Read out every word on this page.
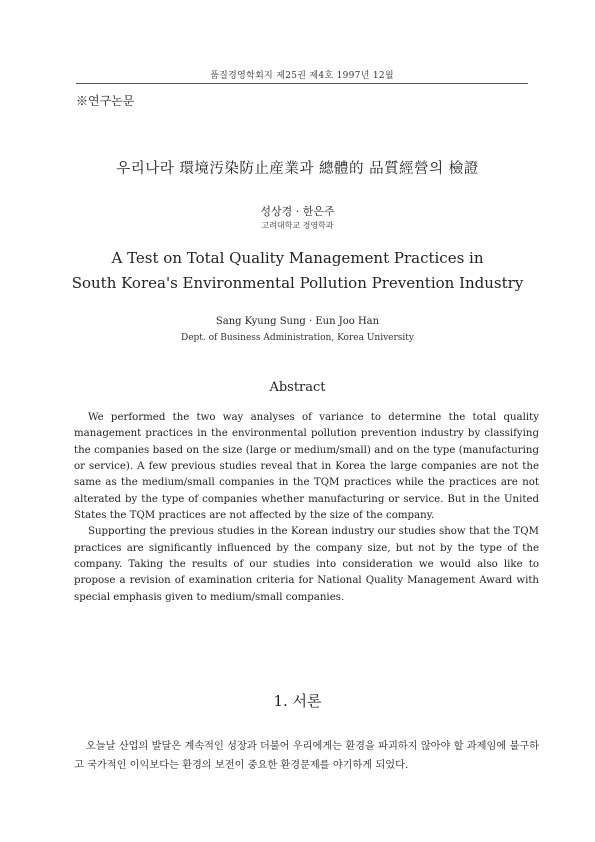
품질경영학회지 제25권 제4호 1997년 12월
※연구논문
우리나라 環境汚染防止産業과 總體的 品質經營의 檢證
성상경 · 한은주
고려대학교 경영학과
A Test on Total Quality Management Practices in
South Korea's Environmental Pollution Prevention Industry
Sang Kyung Sung · Eun Joo Han
Dept. of Business Administration, Korea University
Abstract

We performed the two way analyses of variance to determine the total quality management practices in the environmental pollution prevention industry by classifying the companies based on the size (large or medium/small) and on the type (manufacturing or service). A few previous studies reveal that in Korea the large companies are not the same as the medium/small companies in the TQM practices while the practices are not alterated by the type of companies whether manufacturing or service. But in the United States the TQM practices are not affected by the size of the company.

Supporting the previous studies in the Korean industry our studies show that the TQM practices are significantly influenced by the company size, but not by the type of the company. Taking the results of our studies into consideration we would also like to propose a revision of examination criteria for National Quality Management Award with special emphasis given to medium/small companies.

1. 서론

오늘날 산업의 발달은 계속적인 성장과 더불어 우리에게는 환경을 파괴하지 않아야 할 과제임에 불구하고 국가적인 이익보다는 환경의 보전이 중요한 환경문제를 야기하게 되었다.
